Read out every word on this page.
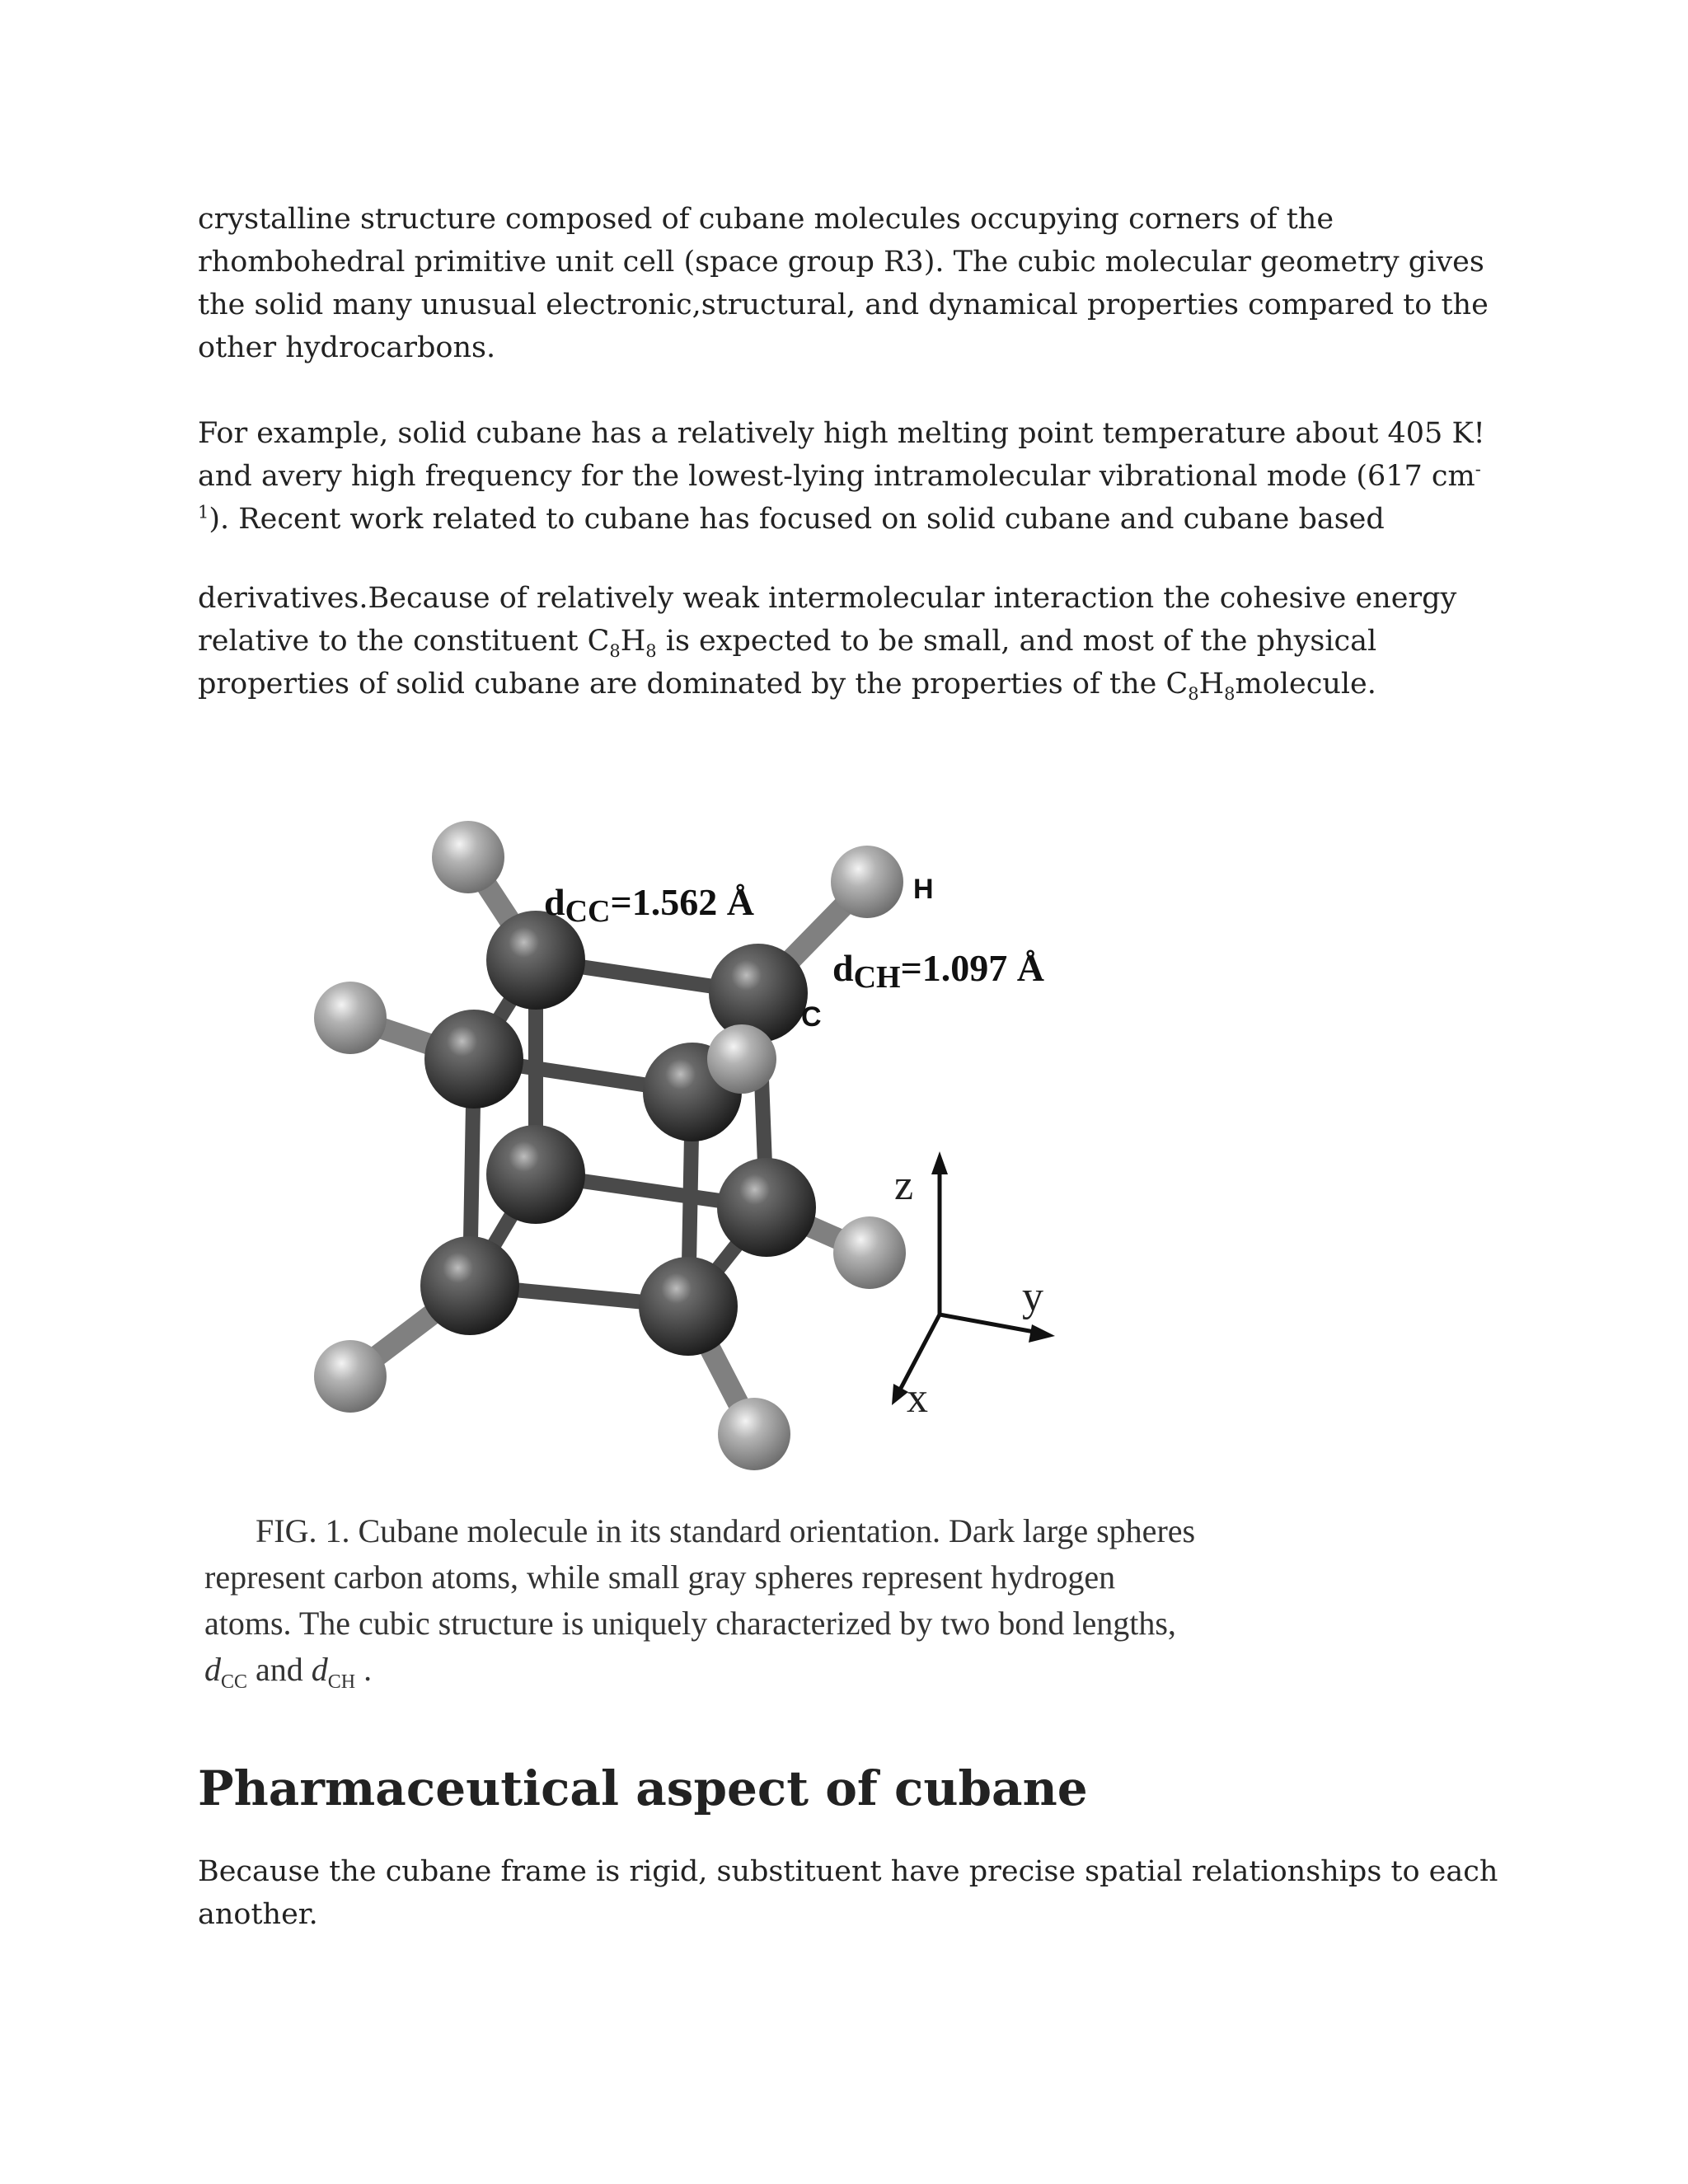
crystalline structure composed of cubane molecules occupying corners of the rhombohedral primitive unit cell (space group R3). The cubic molecular geometry gives the solid many unusual electronic,structural, and dynamical properties compared to the other hydrocarbons.

For example, solid cubane has a relatively high melting point temperature about 405 K! and avery high frequency for the lowest-lying intramolecular vibrational mode (617 $cm^{-1}$). Recent work related to cubane has focused on solid cubane and cubane based

derivatives.Because of relatively weak intermolecular interaction the cohesive energy relative to the constituent $C_8H_8$ is expected to be small, and most of the physical properties of solid cubane are dominated by the properties of the $C_8H_8molecule$.

dCC=1.562 Å	H
dCH=1.097 Å
C
z
y
x
FIG. 1. Cubane molecule in its standard orientation. Dark large spheres represent carbon atoms, while small gray spheres represent hydrogen atoms. The cubic structure is uniquely characterized by two bond lengths, $d_{CC}$ and $d_{CH}$ .
Pharmaceutical aspect of cubane

Because the cubane frame is rigid, substituent have precise spatial relationships to each another.
